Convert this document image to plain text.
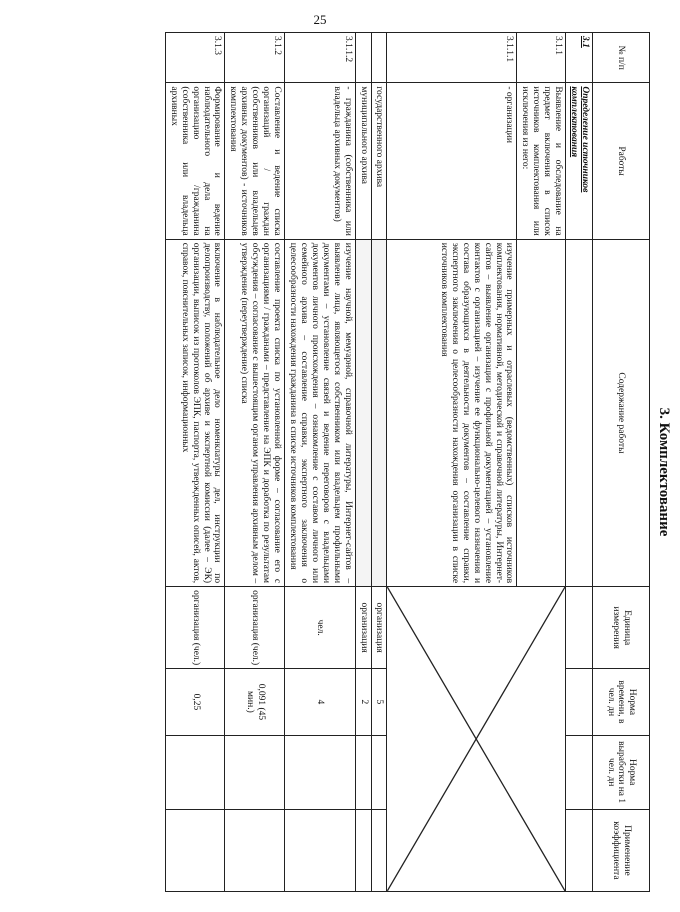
25
3. Комплектование
№ п/п	Работы	Содержание работы	Единица измерения	Норма времени, в чел. дн	Норма выработки на 1 чел. дн	Применение коэффициента
3.1	Определение источников комплектования					
3.1.1	Выявление и обследование на предмет включения в список источников комплектования или исключения из него:		

3.1.1.1	- организации	изучение примерных и отраслевых (ведомственных) списков источников комплектования, нормативной, методической и справочной литературы, Интернет-сайтов – выявление организации с профильной документацией – установление контактов с организацией – изучение ее функционально-целевого назначения и состава образующихся в деятельности документов – составление справки, экспертного заключения о целесообразности нахождения организации в списке источников комплектования				
	государственного архива		организация	5		
	муниципального архива		организация	2		
3.1.1.2	- гражданина (собственника или владельца архивных документов)	изучение научной, мемуарной, справочной литературы, Интернет-сайтов – выявление лица, являющегося собственником или владельцем профильными документами – установление связей и ведение переговоров с владельцами документов личного происхождения – ознакомление с составом личного или семейного архива – составление справки, экспертного заключения о целесообразности нахождения гражданина в списке источников комплектования	чел.	4		
3.1.2	Составление и ведение списка организаций / граждан (собственников или владельцев архивных документов) - источников комплектования	составление проекта списка по установленной форме – согласование его с организациями / гражданами – представление на ЭПК и доработка по результатам обсуждения – согласование с вышестоящим органом управления архивным делом – утверждение (переутверждение) списка	организация (чел.)	0,091 (45 мин.)		
3.1.3	Формирование и ведение наблюдательного дела на организацию /гражданина (собственника или владельца архивных	включение в наблюдательное дело номенклатуры дел, инструкции по делопроизводству, положений об архиве и экспертной комиссии (далее – ЭК) организации, выписок из протоколов ЭПК, паспорта, утвержденных описей, актов, справок, пояснительных записок, информационных	организация (чел.)	0,25		
